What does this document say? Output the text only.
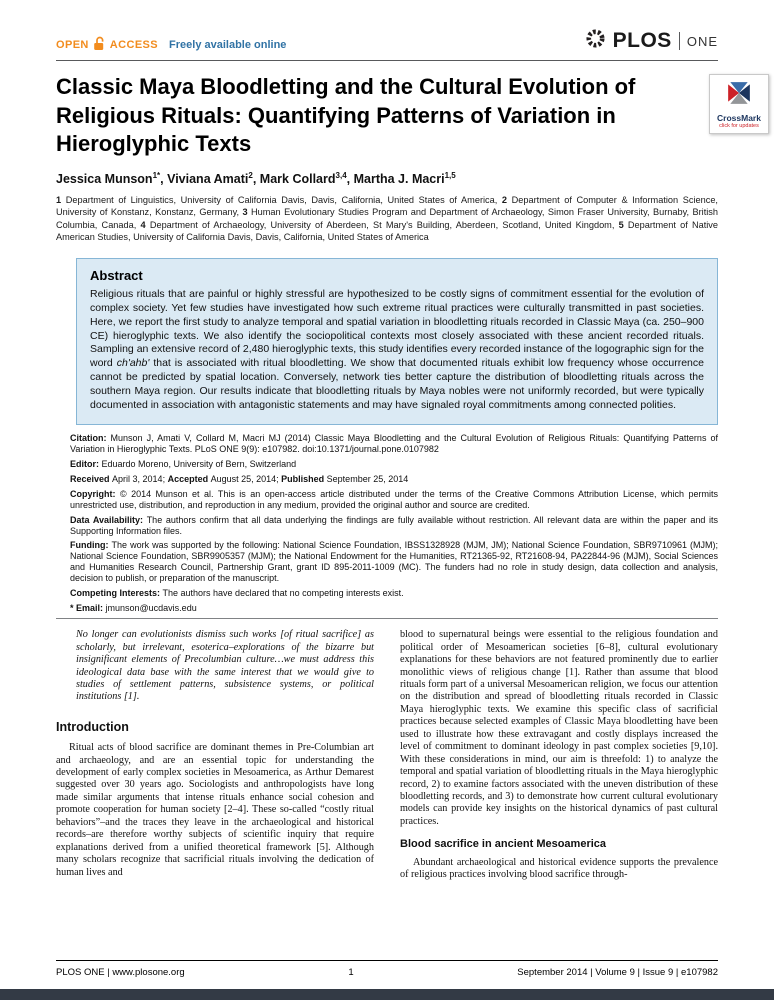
OPEN ACCESS Freely available online	PLOS ONE
CrossMark
click for updates
Classic Maya Bloodletting and the Cultural Evolution of Religious Rituals: Quantifying Patterns of Variation in Hieroglyphic Texts
Jessica Munson$^{1*}$, Viviana Amati$^2$, Mark Collard$^{3,4}$, Martha J. Macri$^{1,5}$
1 Department of Linguistics, University of California Davis, Davis, California, United States of America, 2 Department of Computer & Information Science, University of Konstanz, Konstanz, Germany, 3 Human Evolutionary Studies Program and Department of Archaeology, Simon Fraser University, Burnaby, British Columbia, Canada, 4 Department of Archaeology, University of Aberdeen, St Mary's Building, Aberdeen, Scotland, United Kingdom, 5 Department of Native American Studies, University of California Davis, Davis, California, United States of America
Abstract
Religious rituals that are painful or highly stressful are hypothesized to be costly signs of commitment essential for the evolution of complex society. Yet few studies have investigated how such extreme ritual practices were culturally transmitted in past societies. Here, we report the first study to analyze temporal and spatial variation in bloodletting rituals recorded in Classic Maya (ca. 250–900 CE) hieroglyphic texts. We also identify the sociopolitical contexts most closely associated with these ancient recorded rituals. Sampling an extensive record of 2,480 hieroglyphic texts, this study identifies every recorded instance of the logographic sign for the word ch'ahb' that is associated with ritual bloodletting. We show that documented rituals exhibit low frequency whose occurrence cannot be predicted by spatial location. Conversely, network ties better capture the distribution of bloodletting rituals across the southern Maya region. Our results indicate that bloodletting rituals by Maya nobles were not uniformly recorded, but were typically documented in association with antagonistic statements and may have signaled royal commitments among connected polities.

Citation: Munson J, Amati V, Collard M, Macri MJ (2014) Classic Maya Bloodletting and the Cultural Evolution of Religious Rituals: Quantifying Patterns of Variation in Hieroglyphic Texts. PLoS ONE 9(9): e107982. doi:10.1371/journal.pone.0107982

Editor: Eduardo Moreno, University of Bern, Switzerland

Received April 3, 2014; Accepted August 25, 2014; Published September 25, 2014

Copyright: © 2014 Munson et al. This is an open-access article distributed under the terms of the Creative Commons Attribution License, which permits unrestricted use, distribution, and reproduction in any medium, provided the original author and source are credited.

Data Availability: The authors confirm that all data underlying the findings are fully available without restriction. All relevant data are within the paper and its Supporting Information files.

Funding: The work was supported by the following: National Science Foundation, IBSS1328928 (MJM, JM); National Science Foundation, SBR9710961 (MJM); National Science Foundation, SBR9905357 (MJM); the National Endowment for the Humanities, RT21365-92, RT21608-94, PA22844-96 (MJM), Social Sciences and Humanities Research Council, Partnership Grant, grant ID 895-2011-1009 (MC). The funders had no role in study design, data collection and analysis, decision to publish, or preparation of the manuscript.

Competing Interests: The authors have declared that no competing interests exist.

* Email: jmunson@ucdavis.edu

No longer can evolutionists dismiss such works [of ritual sacrifice] as scholarly, but irrelevant, esoterica–explorations of the bizarre but insignificant elements of Precolumbian culture…we must address this ideological data base with the same interest that we would give to studies of settlement patterns, subsistence systems, or political institutions [1].

Introduction

Ritual acts of blood sacrifice are dominant themes in Pre-Columbian art and archaeology, and are an essential topic for understanding the development of early complex societies in Mesoamerica, as Arthur Demarest suggested over 30 years ago. Sociologists and anthropologists have long made similar arguments that intense rituals enhance social cohesion and promote cooperation for human society [2–4]. These so-called “costly ritual behaviors”–and the traces they leave in the archaeological and historical records–are therefore worthy subjects of scientific inquiry that require explanations derived from a unified theoretical framework [5]. Although many scholars recognize that sacrificial rituals involving the dedication of human lives and

blood to supernatural beings were essential to the religious foundation and political order of Mesoamerican societies [6–8], cultural evolutionary explanations for these behaviors are not featured prominently due to earlier monolithic views of religious change [1]. Rather than assume that blood rituals form part of a universal Mesoamerican religion, we focus our attention on the distribution and spread of bloodletting rituals recorded in Classic Maya hieroglyphic texts. We examine this specific class of sacrificial practices because selected examples of Classic Maya bloodletting have been used to illustrate how these extravagant and costly displays increased the level of commitment to dominant ideology in past complex societies [9,10]. With these considerations in mind, our aim is threefold: 1) to analyze the temporal and spatial variation of bloodletting rituals in the Maya hieroglyphic record, 2) to examine factors associated with the uneven distribution of these bloodletting records, and 3) to demonstrate how current cultural evolutionary models can provide key insights on the historical dynamics of past cultural practices.

Blood sacrifice in ancient Mesoamerica

Abundant archaeological and historical evidence supports the prevalence of religious practices involving blood sacrifice through-

PLOS ONE | www.plosone.org	1	September 2014 | Volume 9 | Issue 9 | e107982
